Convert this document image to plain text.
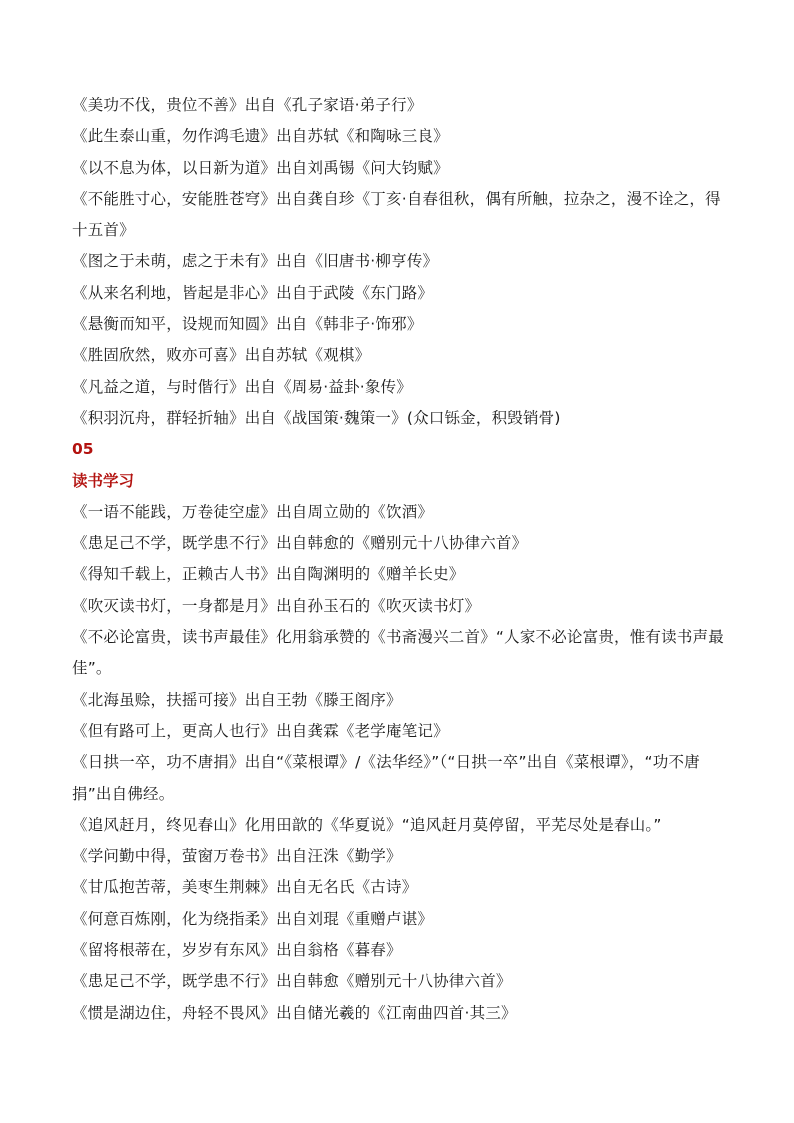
《美功不伐，贵位不善》出自《孔子家语·弟子行》
《此生泰山重，勿作鸿毛遗》出自苏轼《和陶咏三良》
《以不息为体，以日新为道》出自刘禹锡《问大钧赋》
《不能胜寸心，安能胜苍穹》出自龚自珍《丁亥·自春徂秋，偶有所触，拉杂之，漫不诠之，得十五首》
《图之于未萌，虑之于未有》出自《旧唐书·柳亨传》
《从来名利地，皆起是非心》出自于武陵《东门路》
《悬衡而知平，设规而知圆》出自《韩非子·饰邪》
《胜固欣然，败亦可喜》出自苏轼《观棋》
《凡益之道，与时偕行》出自《周易·益卦·象传》
《积羽沉舟，群轻折轴》出自《战国策·魏策一》(众口铄金，积毁销骨)
05
读书学习
《一语不能践，万卷徒空虚》出自周立勋的《饮酒》
《患足己不学，既学患不行》出自韩愈的《赠别元十八协律六首》
《得知千载上，正赖古人书》出自陶渊明的《赠羊长史》
《吹灭读书灯，一身都是月》出自孙玉石的《吹灭读书灯》
《不必论富贵，读书声最佳》化用翁承赞的《书斋漫兴二首》“人家不必论富贵，惟有读书声最佳”。
《北海虽赊，扶摇可接》出自王勃《滕王阁序》
《但有路可上，更高人也行》出自龚霖《老学庵笔记》
《日拱一卒，功不唐捐》出自“《菜根谭》/《法华经》”（“日拱一卒”出自《菜根谭》，“功不唐捐”出自佛经。
《追风赶月，终见春山》化用田歆的《华夏说》“追风赶月莫停留，平芜尽处是春山。”
《学问勤中得，萤窗万卷书》出自汪洙《勤学》
《甘瓜抱苦蒂，美枣生荆棘》出自无名氏《古诗》
《何意百炼刚，化为绕指柔》出自刘琨《重赠卢谌》
《留将根蒂在，岁岁有东风》出自翁格《暮春》
《患足己不学，既学患不行》出自韩愈《赠别元十八协律六首》
《惯是湖边住，舟轻不畏风》出自储光羲的《江南曲四首·其三》
